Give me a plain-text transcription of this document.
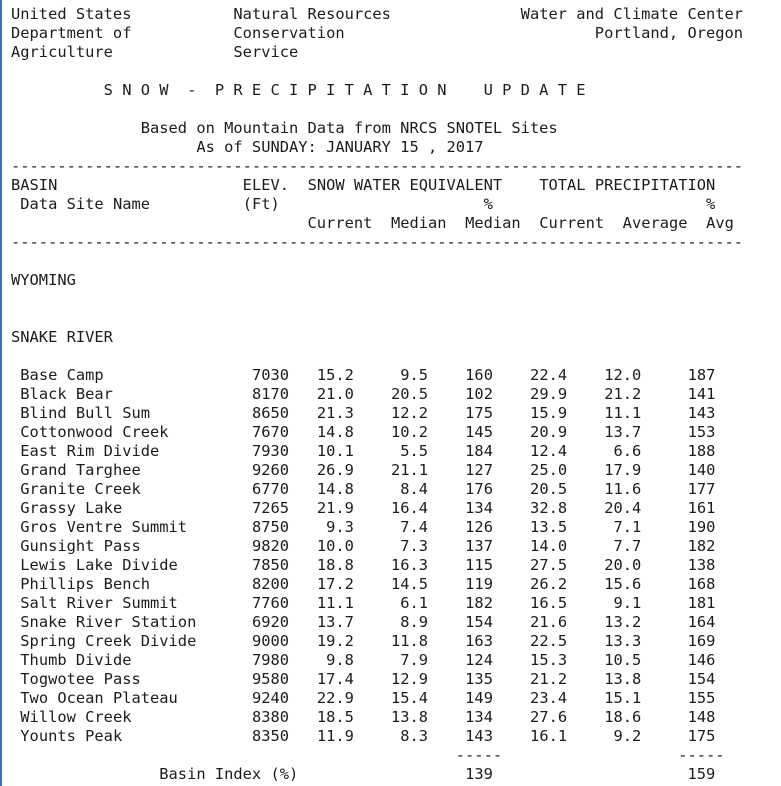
United States	Natural Resources	Water and Climate Center
Department of	Conservation	Portland, Oregon
Agriculture	Service

S N O W  -  P R E C I P I T A T I O N    U P D A T E

Based on Mountain Data from NRCS SNOTEL Sites
As of SUNDAY: JANUARY 15 , 2017
-------------------------------------------------------------------------------
BASIN	ELEV. SNOW WATER EQUIVALENT TOTAL PRECIPITATION
Data Site Name	(Ft)	%	%
Current Median Median Current Average Avg
-------------------------------------------------------------------------------

WYOMING

SNAKE RIVER

Base Camp	7030 15.2	9.5 160 22.4 12.0	187
Black Bear	8170 21.0 20.5 102 29.9 21.2	141
Blind Bull Sum	8650 21.3 12.2 175 15.9 11.1	143
Cottonwood Creek	7670 14.8 10.2 145 20.9 13.7	153
East Rim Divide	7930 10.1	5.5 184 12.4	6.6	188
Grand Targhee	9260 26.9 21.1 127 25.0 17.9	140
Granite Creek	6770 14.8	8.4 176 20.5 11.6	177
Grassy Lake	7265 21.9 16.4 134 32.8 20.4	161
Gros Ventre Summit	8750 9.3	7.4 126 13.5	7.1	190
Gunsight Pass	9820 10.0	7.3 137 14.0	7.7	182
Lewis Lake Divide	7850 18.8 16.3 115 27.5 20.0	138
Phillips Bench	8200 17.2 14.5 119 26.2 15.6	168
Salt River Summit	7760 11.1	6.1 182 16.5	9.1	181
Snake River Station	6920 13.7	8.9 154 21.6 13.2	164
Spring Creek Divide	9000 19.2 11.8 163 22.5 13.3	169
Thumb Divide	7980 9.8	7.9 124 15.3 10.5	146
Togwotee Pass	9580 17.4 12.9 135 21.2 13.8	154
Two Ocean Plateau	9240 22.9 15.4 149 23.4 15.1	155
Willow Creek	8380 18.5 13.8 134 27.6 18.6	148
Younts Peak	8350 11.9	8.3 143 16.1	9.2	175
-----	-----
Basin Index (%)	139	159
